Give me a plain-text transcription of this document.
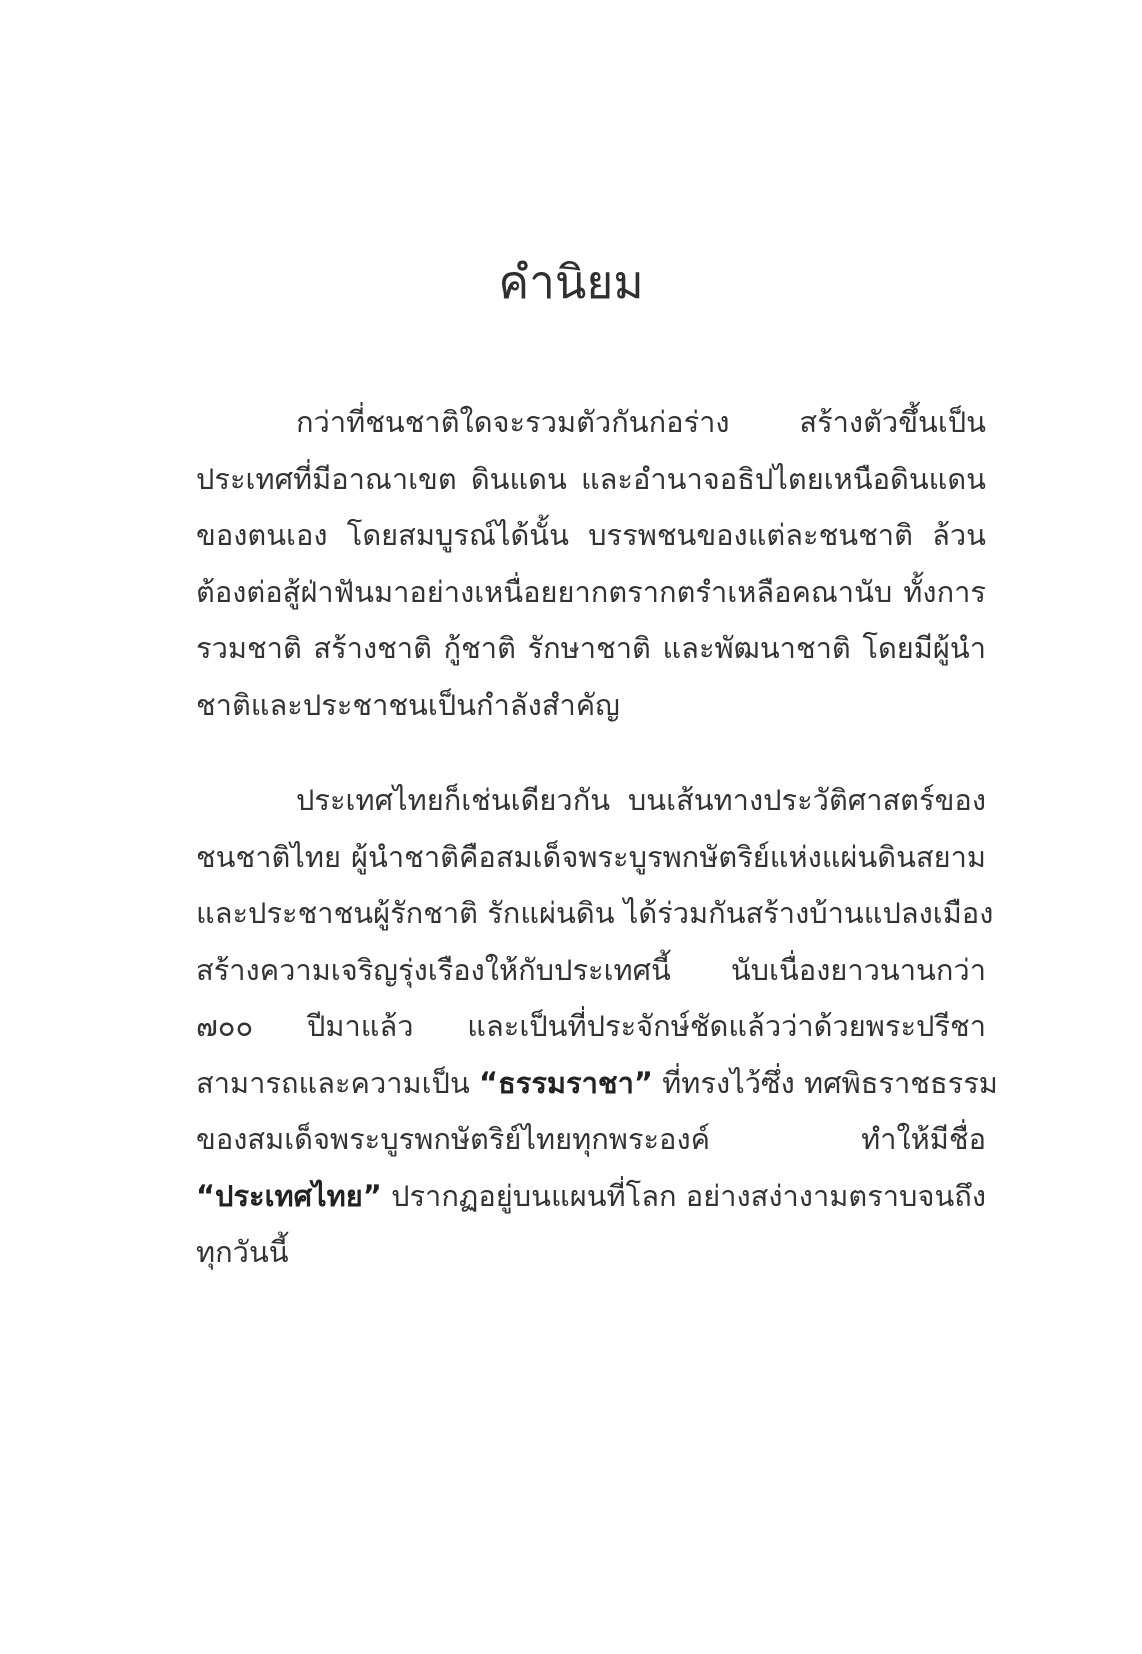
คำนิยม
กว่าที่ชนชาติใดจะรวมตัวกันก่อร่าง สร้างตัวขึ้นเป็น
ประเทศที่มีอาณาเขต ดินแดน และอำนาจอธิปไตยเหนือดินแดน
ของตนเอง โดยสมบูรณ์ได้นั้น บรรพชนของแต่ละชนชาติ ล้วน
ต้องต่อสู้ฝ่าฟันมาอย่างเหนื่อยยากตรากตรำเหลือคณานับ ทั้งการ
รวมชาติ สร้างชาติ กู้ชาติ รักษาชาติ และพัฒนาชาติ โดยมีผู้นำ
ชาติและประชาชนเป็นกำลังสำคัญ
ประเทศไทยก็เช่นเดียวกัน บนเส้นทางประวัติศาสตร์ของ
ชนชาติไทย ผู้นำชาติคือสมเด็จพระบูรพกษัตริย์แห่งแผ่นดินสยาม
และประชาชนผู้รักชาติ รักแผ่นดิน ได้ร่วมกันสร้างบ้านแปลงเมือง
สร้างความเจริญรุ่งเรืองให้กับประเทศนี้ นับเนื่องยาวนานกว่า
๗๐๐ ปีมาแล้ว และเป็นที่ประจักษ์ชัดแล้วว่าด้วยพระปรีชา
สามารถและความเป็น “ธรรมราชา” ที่ทรงไว้ซึ่ง ทศพิธราชธรรม
ของสมเด็จพระบูรพกษัตริย์ไทยทุกพระองค์ ทำให้มีชื่อ
“ประเทศไทย” ปรากฏอยู่บนแผนที่โลก อย่างสง่างามตราบจนถึง
ทุกวันนี้
